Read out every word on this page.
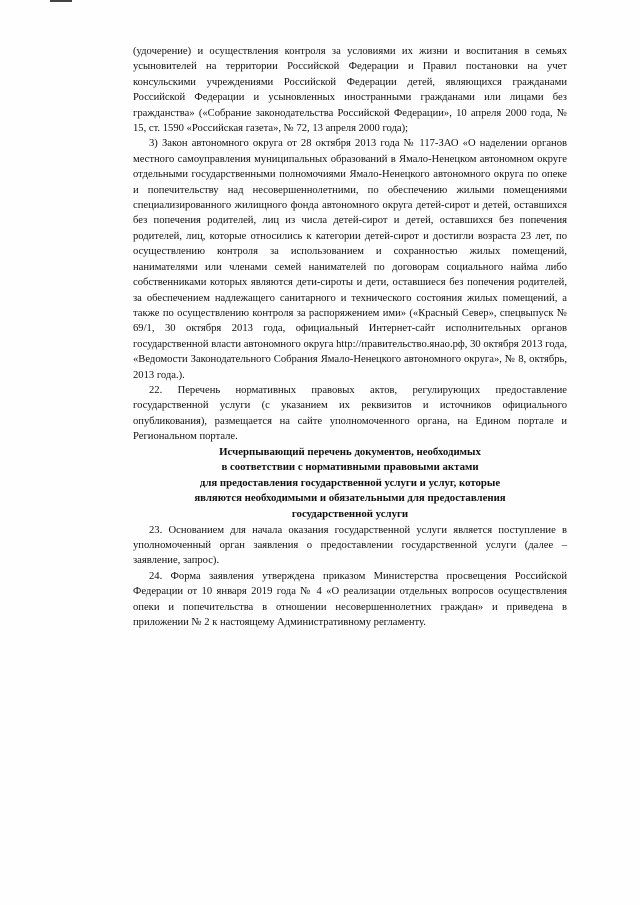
(удочерение) и осуществления контроля за условиями их жизни и воспитания в семьях усыновителей на территории Российской Федерации и Правил постановки на учет консульскими учреждениями Российской Федерации детей, являющихся гражданами Российской Федерации и усыновленных иностранными гражданами или лицами без гражданства» («Собрание законодательства Российской Федерации», 10 апреля 2000 года, № 15, ст. 1590 «Российская газета», № 72, 13 апреля 2000 года);

3) Закон автономного округа от 28 октября 2013 года № 117-ЗАО «О наделении органов местного самоуправления муниципальных образований в Ямало-Ненецком автономном округе отдельными государственными полномочиями Ямало-Ненецкого автономного округа по опеке и попечительству над несовершеннолетними, по обеспечению жилыми помещениями специализированного жилищного фонда автономного округа детей-сирот и детей, оставшихся без попечения родителей, лиц из числа детей-сирот и детей, оставшихся без попечения родителей, лиц, которые относились к категории детей-сирот и достигли возраста 23 лет, по осуществлению контроля за использованием и сохранностью жилых помещений, нанимателями или членами семей нанимателей по договорам социального найма либо собственниками которых являются дети-сироты и дети, оставшиеся без попечения родителей, за обеспечением надлежащего санитарного и технического состояния жилых помещений, а также по осуществлению контроля за распоряжением ими» («Красный Север», спецвыпуск № 69/1, 30 октября 2013 года, официальный Интернет-сайт исполнительных органов государственной власти автономного округа http://правительство.янао.рф, 30 октября 2013 года, «Ведомости Законодательного Собрания Ямало-Ненецкого автономного округа», № 8, октябрь, 2013 года.).

22. Перечень нормативных правовых актов, регулирующих предоставление государственной услуги (с указанием их реквизитов и источников официального опубликования), размещается на сайте уполномоченного органа, на Едином портале и Региональном портале.

Исчерпывающий перечень документов, необходимых
в соответствии с нормативными правовыми актами
для предоставления государственной услуги и услуг, которые
являются необходимыми и обязательными для предоставления
государственной услуги

23. Основанием для начала оказания государственной услуги является поступление в уполномоченный орган заявления о предоставлении государственной услуги (далее – заявление, запрос).

24. Форма заявления утверждена приказом Министерства просвещения Российской Федерации от 10 января 2019 года № 4 «О реализации отдельных вопросов осуществления опеки и попечительства в отношении несовершеннолетних граждан» и приведена в приложении № 2 к настоящему Административному регламенту.
